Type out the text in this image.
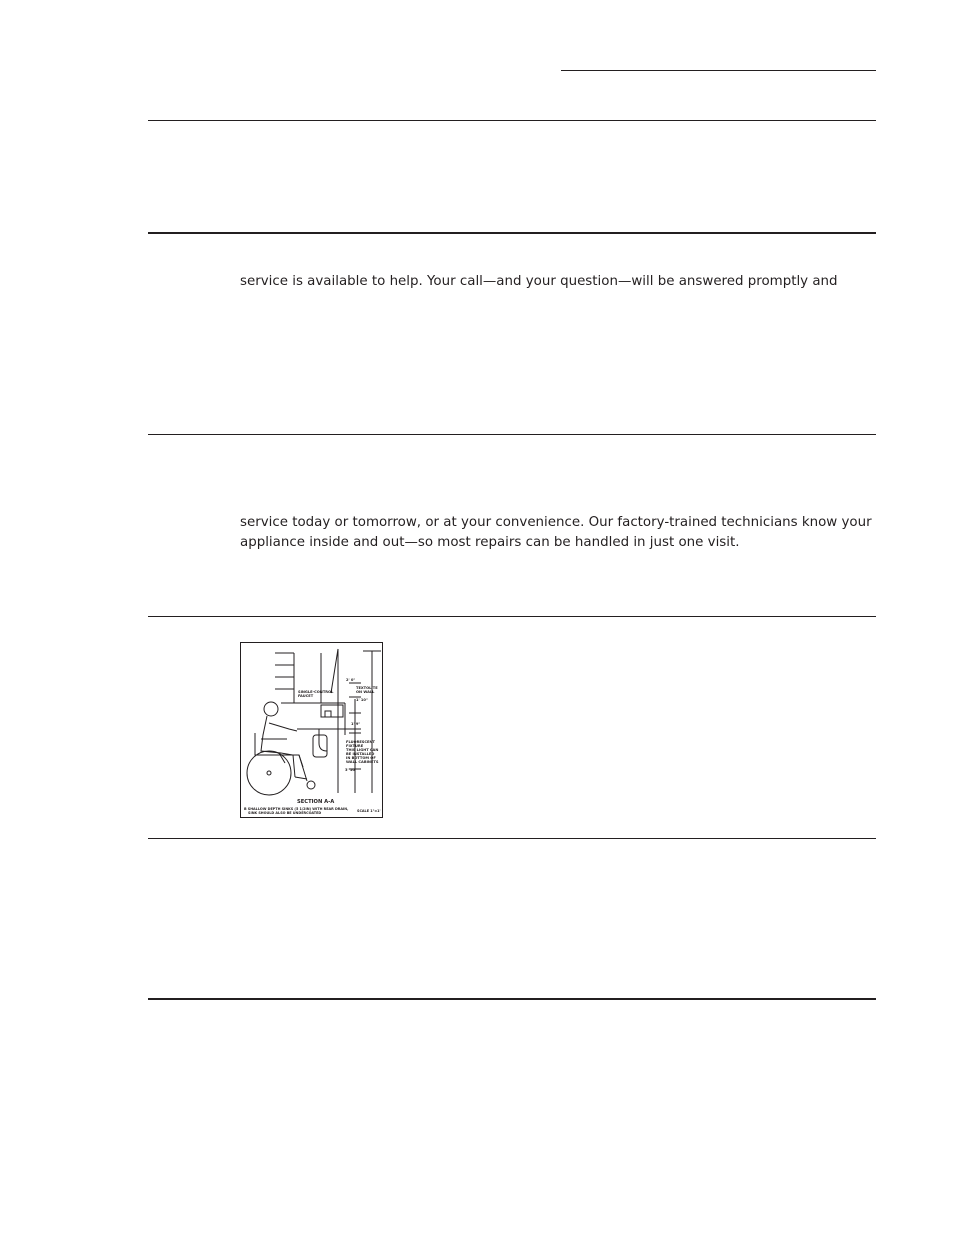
service is available to help. Your call—and your question—will be answered promptly and
service today or tomorrow, or at your convenience. Our factory-trained technicians know your
appliance inside and out—so most repairs can be handled in just one visit.
SINGLE-CONTROL
FAUCET
TEXTOLITE
ON WALL
FLUORESCENT
FIXTURE
THIS LIGHT CAN
BE INSTALLED
IN BOTTOM OF
WALL CABINETS
2' 0"
1' 10"
1' 9"
3' 10"
SECTION A-A
B SHALLOW DEPTH SINKS (5 1/2IN) WITH REAR DRAIN,
SINK SHOULD ALSO BE UNDERCOATED	SCALE 1"=1'
